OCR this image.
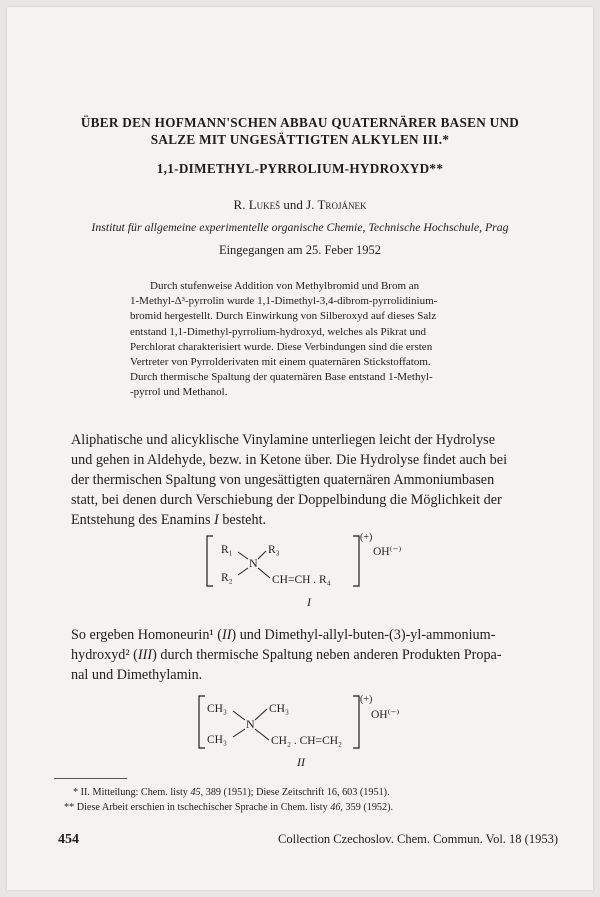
ÜBER DEN HOFMANN'SCHEN ABBAU QUATERNÄRER BASEN UND
SALZE MIT UNGESÄTTIGTEN ALKYLEN III.*
1,1-DIMETHYL-PYRROLIUM-HYDROXYD**
R. Lukeš und J. Trojánek
Institut für allgemeine experimentelle organische Chemie, Technische Hochschule, Prag
Eingegangen am 25. Feber 1952
Durch stufenweise Addition von Methylbromid und Brom an
1-Methyl-Δ³-pyrrolin wurde 1,1-Dimethyl-3,4-dibrom-pyrrolidinium-
bromid hergestellt. Durch Einwirkung von Silberoxyd auf dieses Salz
entstand 1,1-Dimethyl-pyrrolium-hydroxyd, welches als Pikrat und
Perchlorat charakterisiert wurde. Diese Verbindungen sind die ersten
Vertreter von Pyrrolderivaten mit einem quaternären Stickstoffatom.
Durch thermische Spaltung der quaternären Base entstand 1-Methyl-
-pyrrol und Methanol.
Aliphatische und alicyklische Vinylamine unterliegen leicht der Hydrolyse
und gehen in Aldehyde, bezw. in Ketone über. Die Hydrolyse findet auch bei
der thermischen Spaltung von ungesättigten quaternären Ammoniumbasen
statt, bei denen durch Verschiebung der Doppelbindung die Möglichkeit der
Entstehung des Enamins I besteht.
R₁
R₂
N
R₃
CH=CH . R₄
(+)
OH⁽⁻⁾
I
So ergeben Homoneurin¹ (II) und Dimethyl-allyl-buten-(3)-yl-ammonium-
hydroxyd² (III) durch thermische Spaltung neben anderen Produkten Propa-
nal und Dimethylamin.
CH₃
CH₃
N
CH₃
CH₂ . CH=CH₂
(+)
OH⁽⁻⁾
II
* II. Mitteilung: Chem. listy 45, 389 (1951); Diese Zeitschrift 16, 603 (1951).
** Diese Arbeit erschien in tschechischer Sprache in Chem. listy 46, 359 (1952).
454	Collection Czechoslov. Chem. Commun. Vol. 18 (1953)
